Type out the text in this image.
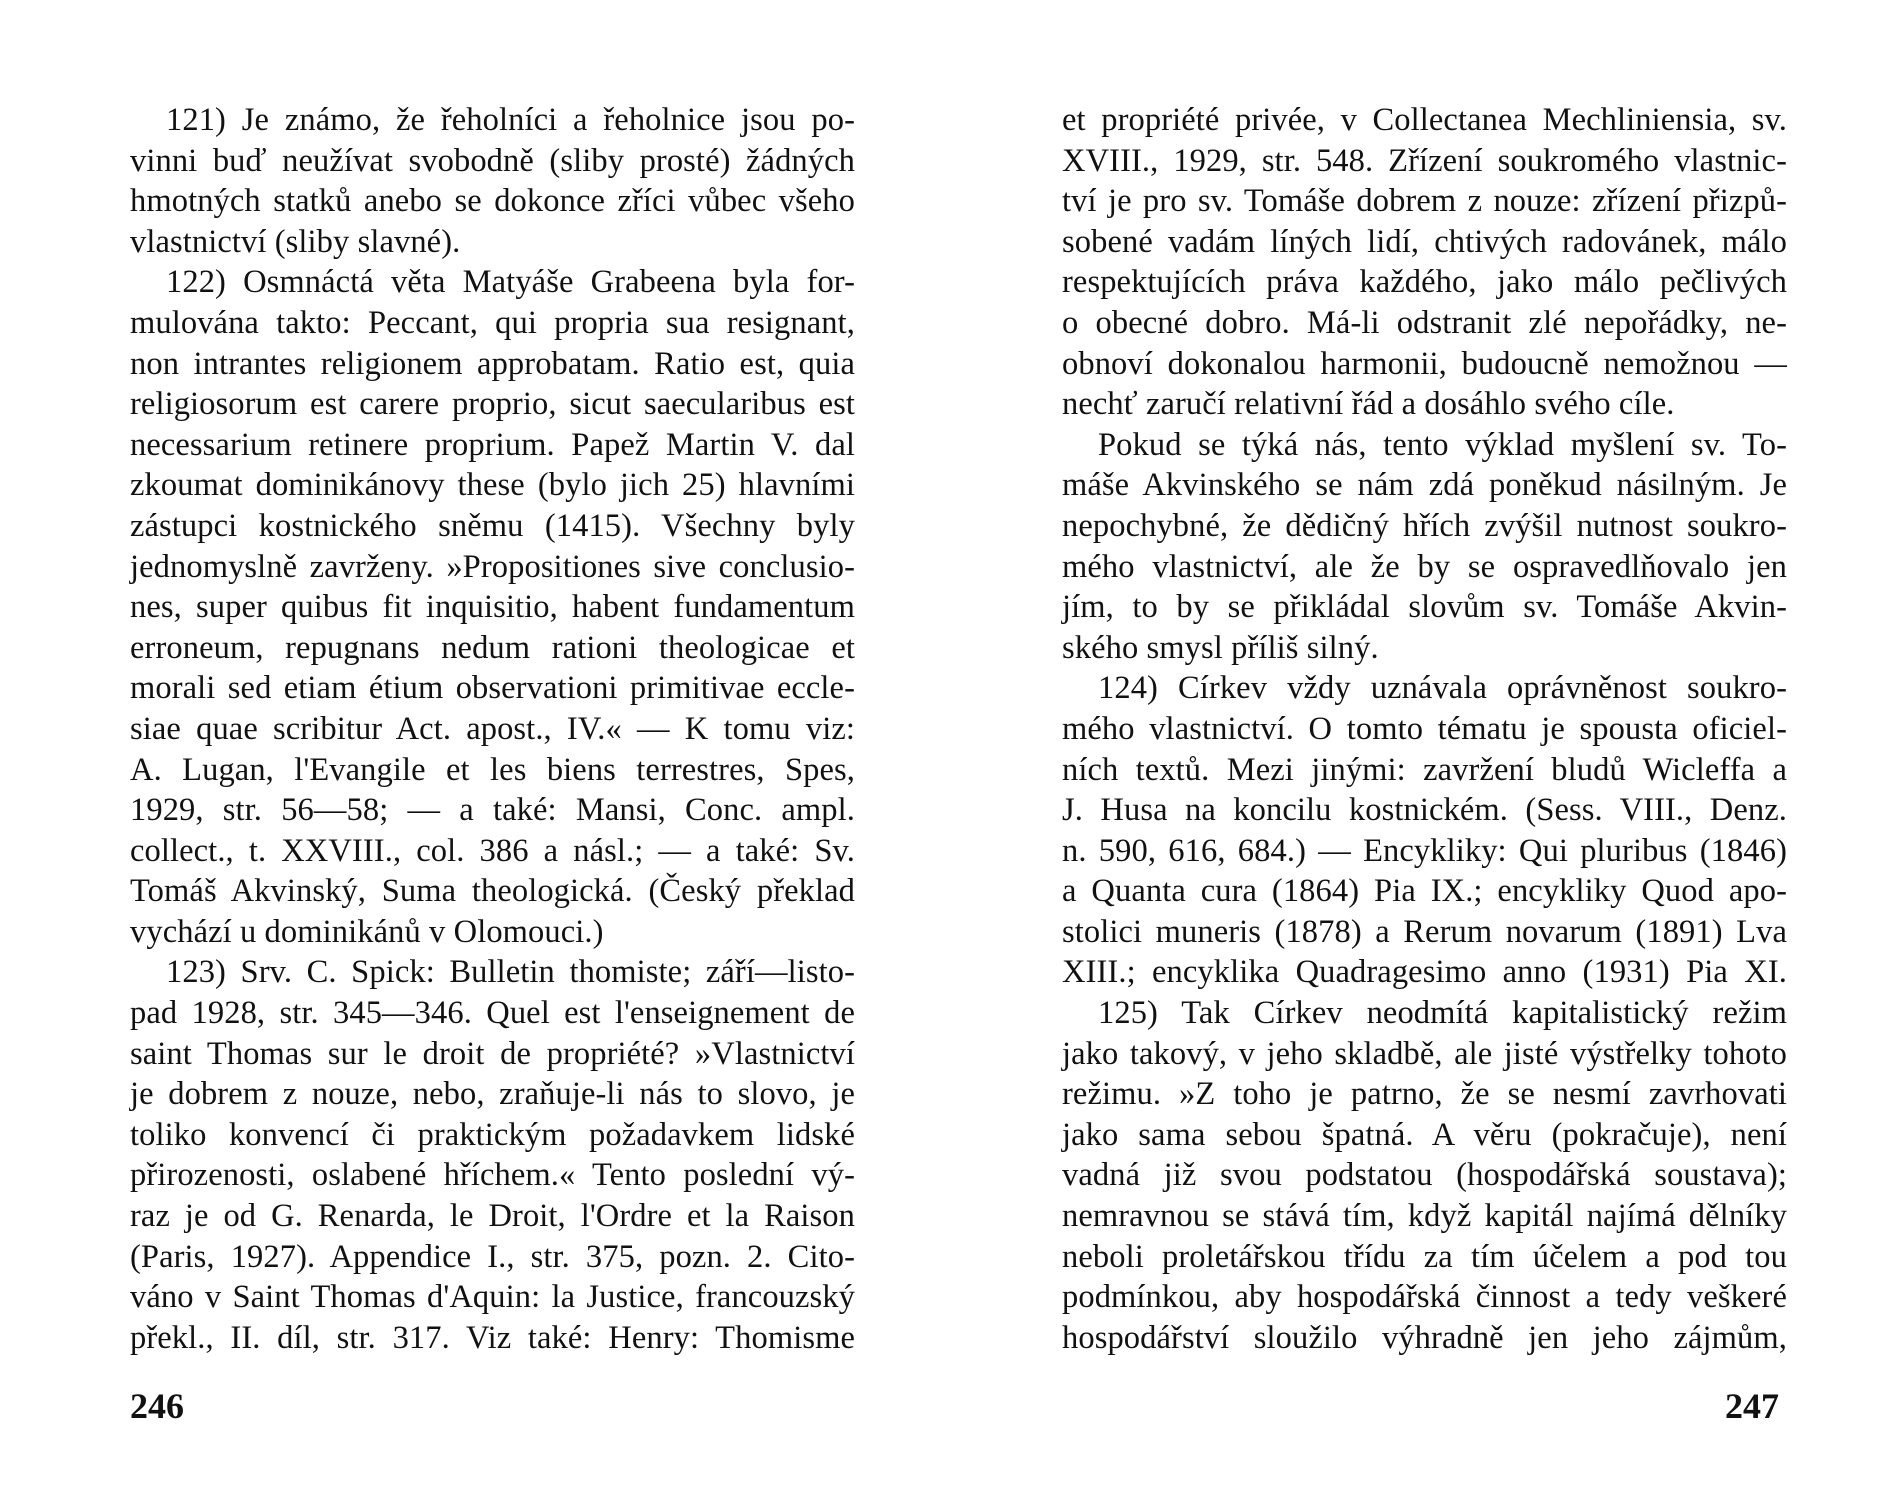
121) Je známo, že řeholníci a řeholnice jsou po-
vinni buď neužívat svobodně (sliby prosté) žádných
hmotných statků anebo se dokonce zříci vůbec všeho
vlastnictví (sliby slavné).
122) Osmnáctá věta Matyáše Grabeena byla for-
mulována takto: Peccant, qui propria sua resignant,
non intrantes religionem approbatam. Ratio est, quia
religiosorum est carere proprio, sicut saecularibus est
necessarium retinere proprium. Papež Martin V. dal
zkoumat dominikánovy these (bylo jich 25) hlavními
zástupci kostnického sněmu (1415). Všechny byly
jednomyslně zavrženy. »Propositiones sive conclusio-
nes, super quibus fit inquisitio, habent fundamentum
erroneum, repugnans nedum rationi theologicae et
morali sed etiam étium observationi primitivae eccle-
siae quae scribitur Act. apost., IV.« — K tomu viz:
A. Lugan, l'Evangile et les biens terrestres, Spes,
1929, str. 56—58; — a také: Mansi, Conc. ampl.
collect., t. XXVIII., col. 386 a násl.; — a také: Sv.
Tomáš Akvinský, Suma theologická. (Český překlad
vychází u dominikánů v Olomouci.)
123) Srv. C. Spick: Bulletin thomiste; září—listo-
pad 1928, str. 345—346. Quel est l'enseignement de
saint Thomas sur le droit de propriété? »Vlastnictví
je dobrem z nouze, nebo, zraňuje-li nás to slovo, je
toliko konvencí či praktickým požadavkem lidské
přirozenosti, oslabené hříchem.« Tento poslední vý-
raz je od G. Renarda, le Droit, l'Ordre et la Raison
(Paris, 1927). Appendice I., str. 375, pozn. 2. Cito-
váno v Saint Thomas d'Aquin: la Justice, francouzský
překl., II. díl, str. 317. Viz také: Henry: Thomisme
246
et propriété privée, v Collectanea Mechliniensia, sv.
XVIII., 1929, str. 548. Zřízení soukromého vlastnic-
tví je pro sv. Tomáše dobrem z nouze: zřízení přizpů-
sobené vadám líných lidí, chtivých radovánek, málo
respektujících práva každého, jako málo pečlivých
o obecné dobro. Má-li odstranit zlé nepořádky, ne-
obnoví dokonalou harmonii, budoucně nemožnou —
nechť zaručí relativní řád a dosáhlo svého cíle.
Pokud se týká nás, tento výklad myšlení sv. To-
máše Akvinského se nám zdá poněkud násilným. Je
nepochybné, že dědičný hřích zvýšil nutnost soukro-
mého vlastnictví, ale že by se ospravedlňovalo jen
jím, to by se přikládal slovům sv. Tomáše Akvin-
ského smysl příliš silný.
124) Církev vždy uznávala oprávněnost soukro-
mého vlastnictví. O tomto tématu je spousta oficiel-
ních textů. Mezi jinými: zavržení bludů Wicleffa a
J. Husa na koncilu kostnickém. (Sess. VIII., Denz.
n. 590, 616, 684.) — Encykliky: Qui pluribus (1846)
a Quanta cura (1864) Pia IX.; encykliky Quod apo-
stolici muneris (1878) a Rerum novarum (1891) Lva
XIII.; encyklika Quadragesimo anno (1931) Pia XI.
125) Tak Církev neodmítá kapitalistický režim
jako takový, v jeho skladbě, ale jisté výstřelky tohoto
režimu. »Z toho je patrno, že se nesmí zavrhovati
jako sama sebou špatná. A věru (pokračuje), není
vadná již svou podstatou (hospodářská soustava);
nemravnou se stává tím, když kapitál najímá dělníky
neboli proletářskou třídu za tím účelem a pod tou
podmínkou, aby hospodářská činnost a tedy veškeré
hospodářství sloužilo výhradně jen jeho zájmům,
247
